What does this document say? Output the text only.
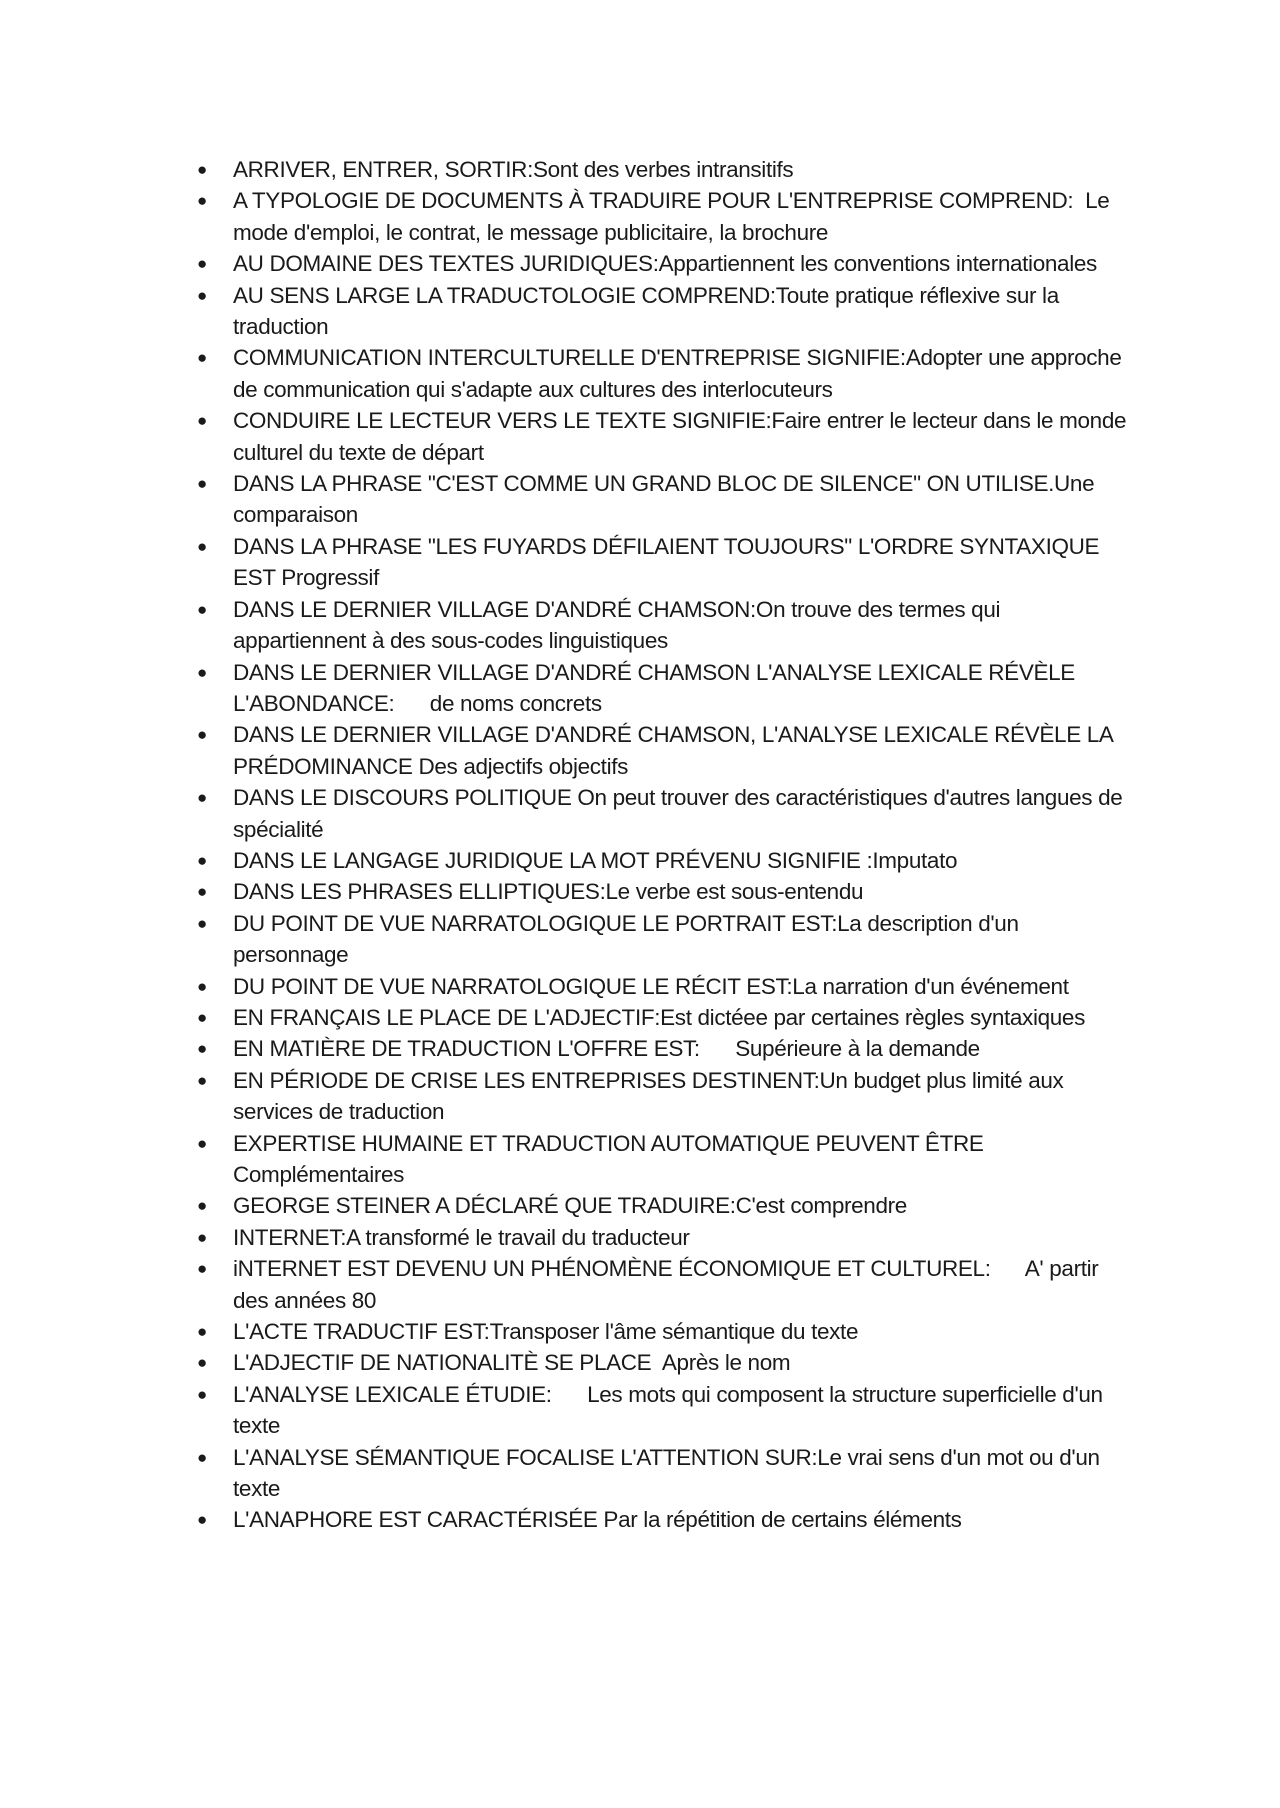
● ARRIVER, ENTRER, SORTIR:Sont des verbes intransitifs
● A TYPOLOGIE DE DOCUMENTS À TRADUIRE POUR L'ENTREPRISE COMPREND:  Le mode d'emploi, le contrat, le message publicitaire, la brochure
● AU DOMAINE DES TEXTES JURIDIQUES:Appartiennent les conventions internationales
● AU SENS LARGE LA TRADUCTOLOGIE COMPREND:Toute pratique réflexive sur la traduction
● COMMUNICATION INTERCULTURELLE D'ENTREPRISE SIGNIFIE:Adopter une approche de communication qui s'adapte aux cultures des interlocuteurs
● CONDUIRE LE LECTEUR VERS LE TEXTE SIGNIFIE:Faire entrer le lecteur dans le monde culturel du texte de départ
● DANS LA PHRASE "C'EST COMME UN GRAND BLOC DE SILENCE" ON UTILISE.Une comparaison
● DANS LA PHRASE "LES FUYARDS DÉFILAIENT TOUJOURS" L'ORDRE SYNTAXIQUE EST Progressif
● DANS LE DERNIER VILLAGE D'ANDRÉ CHAMSON:On trouve des termes qui appartiennent à des sous-codes linguistiques
● DANS LE DERNIER VILLAGE D'ANDRÉ CHAMSON L'ANALYSE LEXICALE RÉVÈLE L'ABONDANCE:      de noms concrets
● DANS LE DERNIER VILLAGE D'ANDRÉ CHAMSON, L'ANALYSE LEXICALE RÉVÈLE LA PRÉDOMINANCE Des adjectifs objectifs
● DANS LE DISCOURS POLITIQUE On peut trouver des caractéristiques d'autres langues de spécialité
● DANS LE LANGAGE JURIDIQUE LA MOT PRÉVENU SIGNIFIE :Imputato
● DANS LES PHRASES ELLIPTIQUES:Le verbe est sous-entendu
● DU POINT DE VUE NARRATOLOGIQUE LE PORTRAIT EST:La description d'un personnage
● DU POINT DE VUE NARRATOLOGIQUE LE RÉCIT EST:La narration d'un événement
● EN FRANÇAIS LE PLACE DE L'ADJECTIF:Est dictéee par certaines règles syntaxiques
● EN MATIÈRE DE TRADUCTION L'OFFRE EST:      Supérieure à la demande
● EN PÉRIODE DE CRISE LES ENTREPRISES DESTINENT:Un budget plus limité aux services de traduction
● EXPERTISE HUMAINE ET TRADUCTION AUTOMATIQUE PEUVENT ÊTRE Complémentaires
● GEORGE STEINER A DÉCLARÉ QUE TRADUIRE:C'est comprendre
● INTERNET:A transformé le travail du traducteur
● iNTERNET EST DEVENU UN PHÉNOMÈNE ÉCONOMIQUE ET CULTUREL:      A' partir des années 80
● L'ACTE TRADUCTIF EST:Transposer l'âme sémantique du texte
● L'ADJECTIF DE NATIONALITÈ SE PLACE  Après le nom
● L'ANALYSE LEXICALE ÉTUDIE:      Les mots qui composent la structure superficielle d'un texte
● L'ANALYSE SÉMANTIQUE FOCALISE L'ATTENTION SUR:Le vrai sens d'un mot ou d'un texte
● L'ANAPHORE EST CARACTÉRISÉE Par la répétition de certains éléments
